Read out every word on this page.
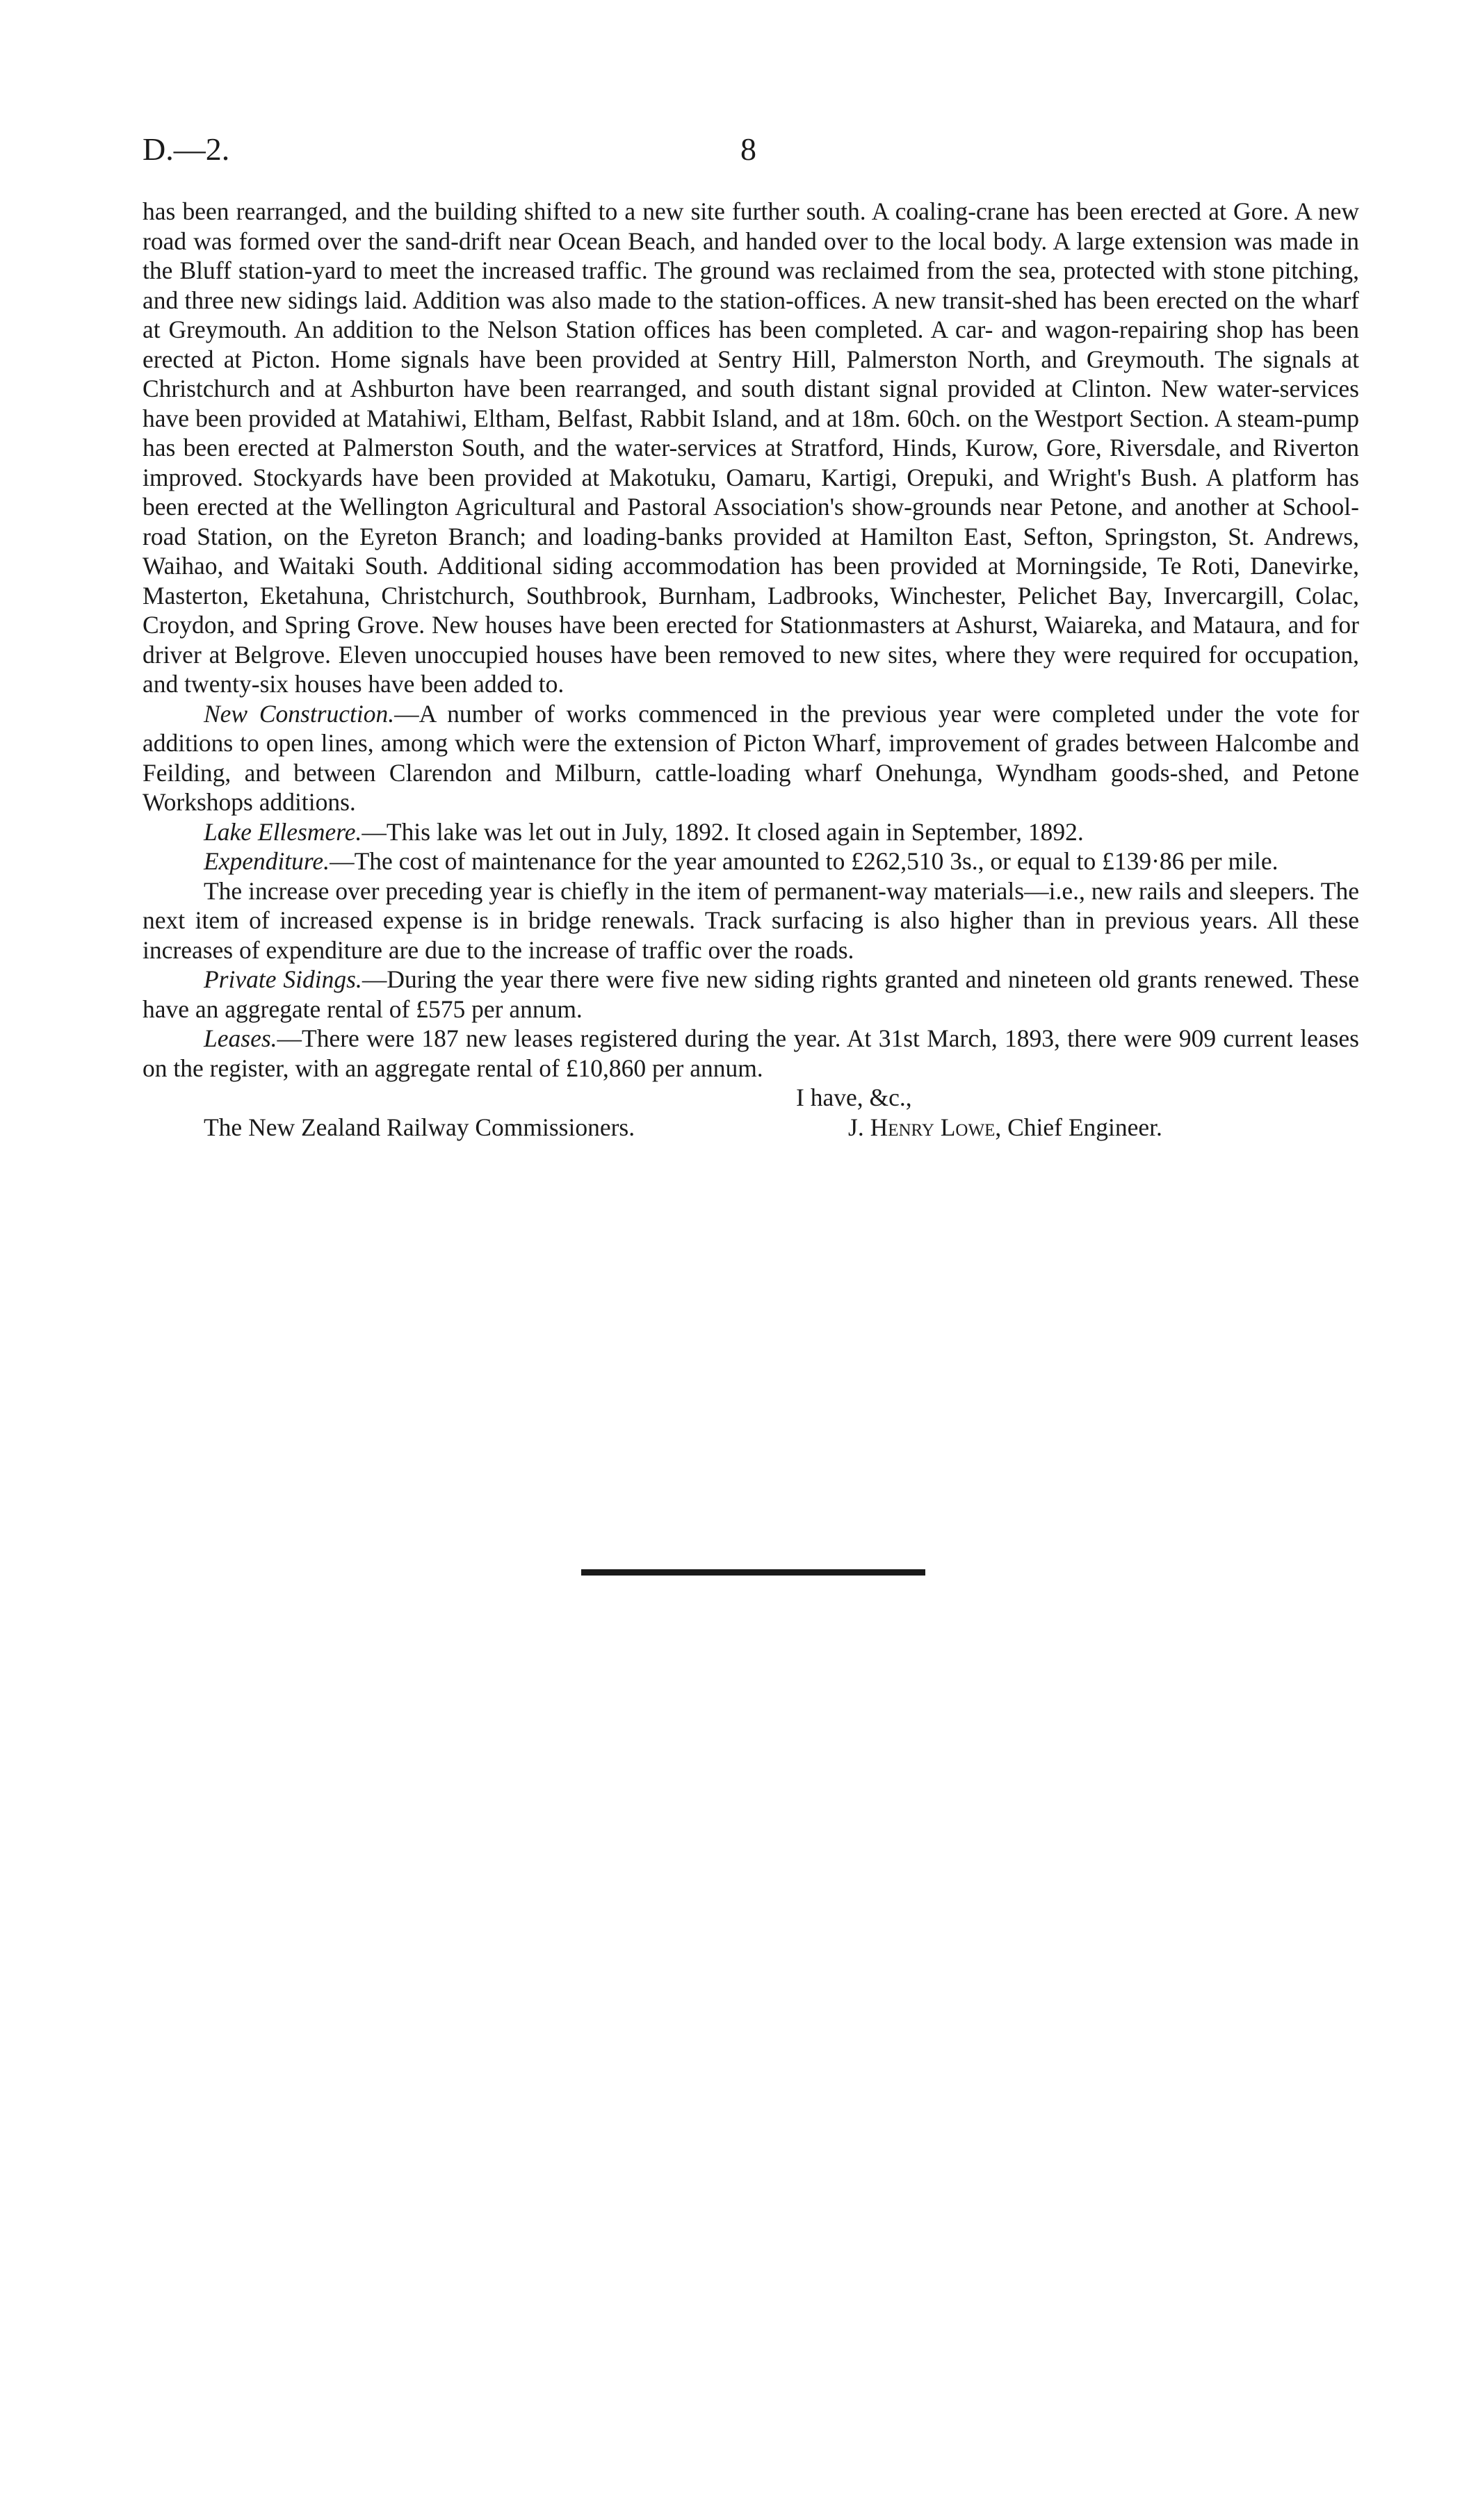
D.—2.	8

has been rearranged, and the building shifted to a new site further south. A coaling-crane has been erected at Gore. A new road was formed over the sand-drift near Ocean Beach, and handed over to the local body. A large extension was made in the Bluff station-yard to meet the increased traffic. The ground was reclaimed from the sea, protected with stone pitching, and three new sidings laid. Addition was also made to the station-offices. A new transit-shed has been erected on the wharf at Greymouth. An addition to the Nelson Station offices has been completed. A car- and wagon-repairing shop has been erected at Picton. Home signals have been provided at Sentry Hill, Palmerston North, and Greymouth. The signals at Christchurch and at Ashburton have been rearranged, and south distant signal provided at Clinton. New water-services have been provided at Matahiwi, Eltham, Belfast, Rabbit Island, and at 18m. 60ch. on the Westport Section. A steam-pump has been erected at Palmerston South, and the water-services at Stratford, Hinds, Kurow, Gore, Riversdale, and Riverton improved. Stockyards have been provided at Makotuku, Oamaru, Kartigi, Orepuki, and Wright's Bush. A platform has been erected at the Wellington Agricultural and Pastoral Association's show-grounds near Petone, and another at School-road Station, on the Eyreton Branch; and loading-banks provided at Hamilton East, Sefton, Springston, St. Andrews, Waihao, and Waitaki South. Additional siding accommodation has been provided at Morningside, Te Roti, Danevirke, Masterton, Eketahuna, Christchurch, Southbrook, Burnham, Ladbrooks, Winchester, Pelichet Bay, Invercargill, Colac, Croydon, and Spring Grove. New houses have been erected for Stationmasters at Ashurst, Waiareka, and Mataura, and for driver at Belgrove. Eleven unoccupied houses have been removed to new sites, where they were required for occupation, and twenty-six houses have been added to.

New Construction.—A number of works commenced in the previous year were completed under the vote for additions to open lines, among which were the extension of Picton Wharf, improvement of grades between Halcombe and Feilding, and between Clarendon and Milburn, cattle-loading wharf Onehunga, Wyndham goods-shed, and Petone Workshops additions.

Lake Ellesmere.—This lake was let out in July, 1892. It closed again in September, 1892.

Expenditure.—The cost of maintenance for the year amounted to £262,510 3s., or equal to £139·86 per mile.

The increase over preceding year is chiefly in the item of permanent-way materials—i.e., new rails and sleepers. The next item of increased expense is in bridge renewals. Track surfacing is also higher than in previous years. All these increases of expenditure are due to the increase of traffic over the roads.

Private Sidings.—During the year there were five new siding rights granted and nineteen old grants renewed. These have an aggregate rental of £575 per annum.

Leases.—There were 187 new leases registered during the year. At 31st March, 1893, there were 909 current leases on the register, with an aggregate rental of £10,860 per annum.

I have, &c.,

The New Zealand Railway Commissioners.	J. Henry Lowe, Chief Engineer.
